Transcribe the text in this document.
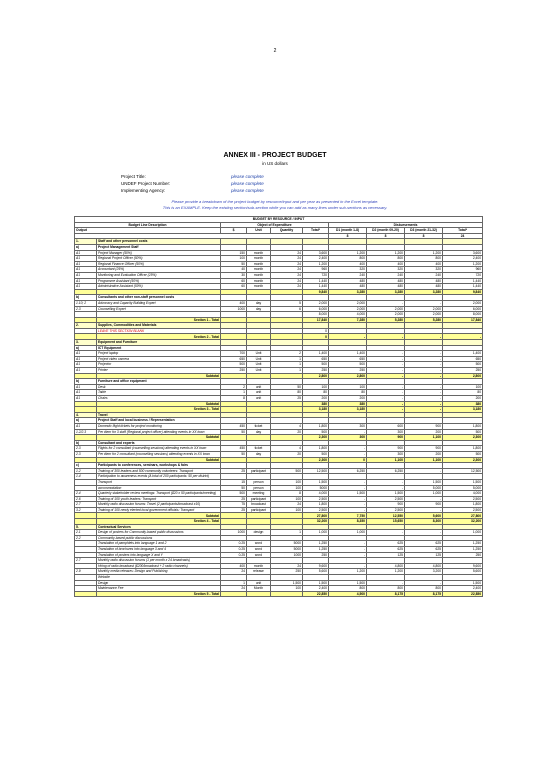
2
ANNEX III - PROJECT BUDGET
in US dollars
Project Title:	please complete
UNDEF Project Number:	please complete
Implementing Agency:	please complete
Please provide a breakdown of the project budget by resource/input and per year as presented in the Excel template.
This is an EXAMPLE. Keep the existing section/sub-section while you can add as many lines under sub-sections as necessary.
BUDGET BY RESOURCE / INPUT									
Budget Line Description		Object of Expenditure				Disbursements			
Output		$	Unit	Quantity	Total*	D1 (month 1-8)	D2 (month 09-20)	D3 (month 21-32)	Total*
						8	8	8	24
1.	Staff and other personnel costs								
a)	Project Management Staff								
A1	Project Manager (50%)	150	month	24	3,600	1,200	1,200	1,200	3,600
A1	Regional Project Officer (50%)	100	month	24	2,400	800	800	800	2,400
A1	Regional Finance Officer (50%)	50	month	24	1,200	400	400	400	1,200
A1	Accountant (25%)	40	month	24	960	320	320	320	960
A1	Monitoring and Evaluation Officer (25%)	30	month	24	720	240	240	240	720
A1	Programme Assistant (50%)	60	month	24	1,440	480	480	480	1,440
A1	Administrative Assistant (50%)	60	month	24	1,440	480	480	480	1,440
					9,840	3,280	3,280	3,280	9,840
b)	Consultants and other non-staff personnel costs								
1.10; 2	Advocacy and Capacity Building Expert	400	day	5	2,000	2,000	-	-	2,000
2.3	Counselling Expert	1000	day	6	6,000	2,000	2,000	2,000	6,000
					8,000	4,000	2,000	2,000	8,000
	Section 1 - Total				17,840	7,280	5,280	5,280	17,840
2.	Supplies, Commodities and Materials								
	LEAVE THIS SECTION BLANK				0				
	Section 2 - Total				0	-	-	-	-
3.	Equipment and Furniture								
a)	ICT Equipment								
A1	Project laptop	700	Unit	2	1,400	1,400	-	-	1,400
A1	Project video camera	650	Unit	1	650	650	-	-	650
A1	Projector	500	Unit	1	500	500	-	-	500
A1	Printer	250	Unit	1	250	250	-	-	250
	Subtotal				2,800	2,800	-	-	2,800
b)	Furniture and office equipment								
A1	Desk	2	unit	50	100	100	-	-	100
A1	Table	1	unit	80	80	80	-	-	80
A1	Chairs	8	unit	25	200	200	-	-	200
	Subtotal				380	380	-	-	380
	Section 3 - Total				3,180	3,180	-	-	3,180
4.	Travel								
a)	Project Staff and local business / Representation								
A1	Domestic flight tickets for project monitoring	450	ticket	4	1,800	300	600	900	1,800
1.2/2.3	Per diem for 3 staff (Regional project officer) attending events in XX town	50	day	20	500	-	300	200	500
	Subtotal				2,300	300	900	1,100	2,300
b)	Consultant and experts								
2.3	Flights for 2 consultant (counselling sessions) attending events in XX town	450	ticket	4	1,800	-	900	900	1,800
2.3	Per diem for 2 consultant (counselling sessions) attending events in XX town	50	day	20	500	-	300	200	500
	Subtotal				2,300	0	1,100	1,100	2,300
c)	Participants to conferences, seminars, workshops & fairs								
1.2	Training of 300 leaders and 500 community volunteers: Transport	25	participant	500	12,500	6,250	6,250	-	12,500
1.4	Participation to awareness events (A total of 200 participants: 50 per district)								
	Transport	15	person	100	1,500	-	-	1,500	1,500
	accommodation	50	person	100	5000	-	-	5,000	5,000
2.4	Quarterly stakeholder review meetings: Transport ($20 x 50 participants/meeting)	500	meeting	8	4,000	1,500	1,500	1,000	4,000
2.6	Training of 100 youth leaders: Transport	25	participant	100	2,500	-	2,500	-	2,500
2.7	Monthly radio discussion forums: Travel (2 participants/broadcast x10)	75	broadcast	24	1,800	-	900	900	1,800
3.2	Training of 100 newly elected local government officials: Transport	25	participant	100	2,500	-	2,500	-	2,500
	Subtotal				27,800	7,750	12,550	5,600	27,800
	Section 4 - Total				32,200	8,350	15,650	8,300	32,200
5.	Contractual Services								
2.1	Design of posters for Community-based public discussions	1000	design	1	1,000	1,000	-	-	1,000
2.2	Community-based public discussions								
	Translation of pamphlets into language 1 and 2	0.25	word	5000	1,250	-	625	625	1,250
	Translation of brochures into language 3 and 4	0.25	word	5000	1,250	-	625	625	1,250
	Translation of posters into language X and Y	0.25	word	1000	250	-	125	125	250
2.7	Monthly radio discussion forums (1 per month x 24 broadcasts)								
	Hiring of radio broadcast ($200/broadcast + 2 radio channels)	400	month	24	9,600	-	4,800	4,800	9,600
2.9	Monthly media releases: Design and Publishing	24	release	250	5,600	1,200	1,200	3,200	5,600
	Website								
	Design	1	unit	1,500	1,500	1,500	-	-	1,500
	Maintenance Fee	24	Month	100	2,400	800	800	800	2,400
	Section 5 - Total				22,850	4,500	8,175	8,175	22,850
